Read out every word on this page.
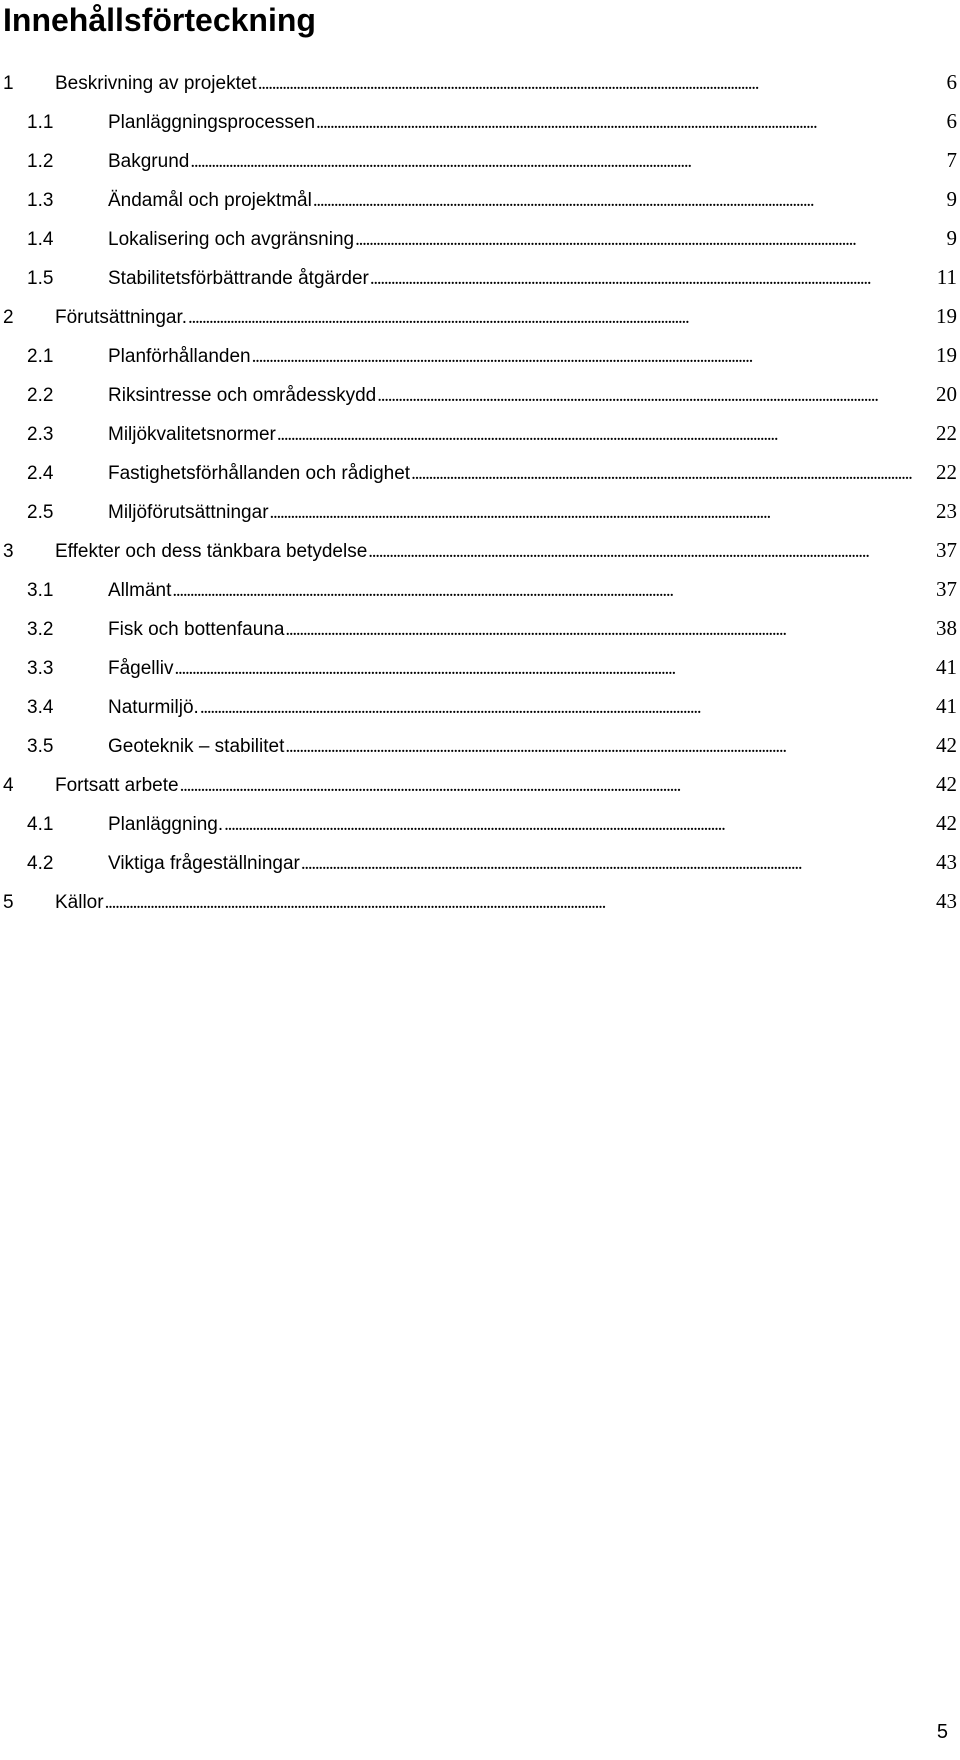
Innehållsförteckning
1	Beskrivning av projektet . . .	6
1.1	Planläggningsprocessen . . .	6
1.2	Bakgrund . . .	7
1.3	Ändamål och projektmål . . .	9
1.4	Lokalisering och avgränsning . . .	9
1.5	Stabilitetsförbättrande åtgärder . . .	11
2	Förutsättningar. . . .	19
2.1	Planförhållanden . . .	19
2.2	Riksintresse och områdesskydd . . .	20
2.3	Miljökvalitetsnormer . . .	22
2.4	Fastighetsförhållanden och rådighet . . .	22
2.5	Miljöförutsättningar . . .	23
3	Effekter och dess tänkbara betydelse . . .	37
3.1	Allmänt . . .	37
3.2	Fisk och bottenfauna . . .	38
3.3	Fågelliv . . .	41
3.4	Naturmiljö. . . .	41
3.5	Geoteknik – stabilitet . . .	42
4	Fortsatt arbete . . .	42
4.1	Planläggning. . . .	42
4.2	Viktiga frågeställningar . . .	43
5	Källor . . .	43
5
